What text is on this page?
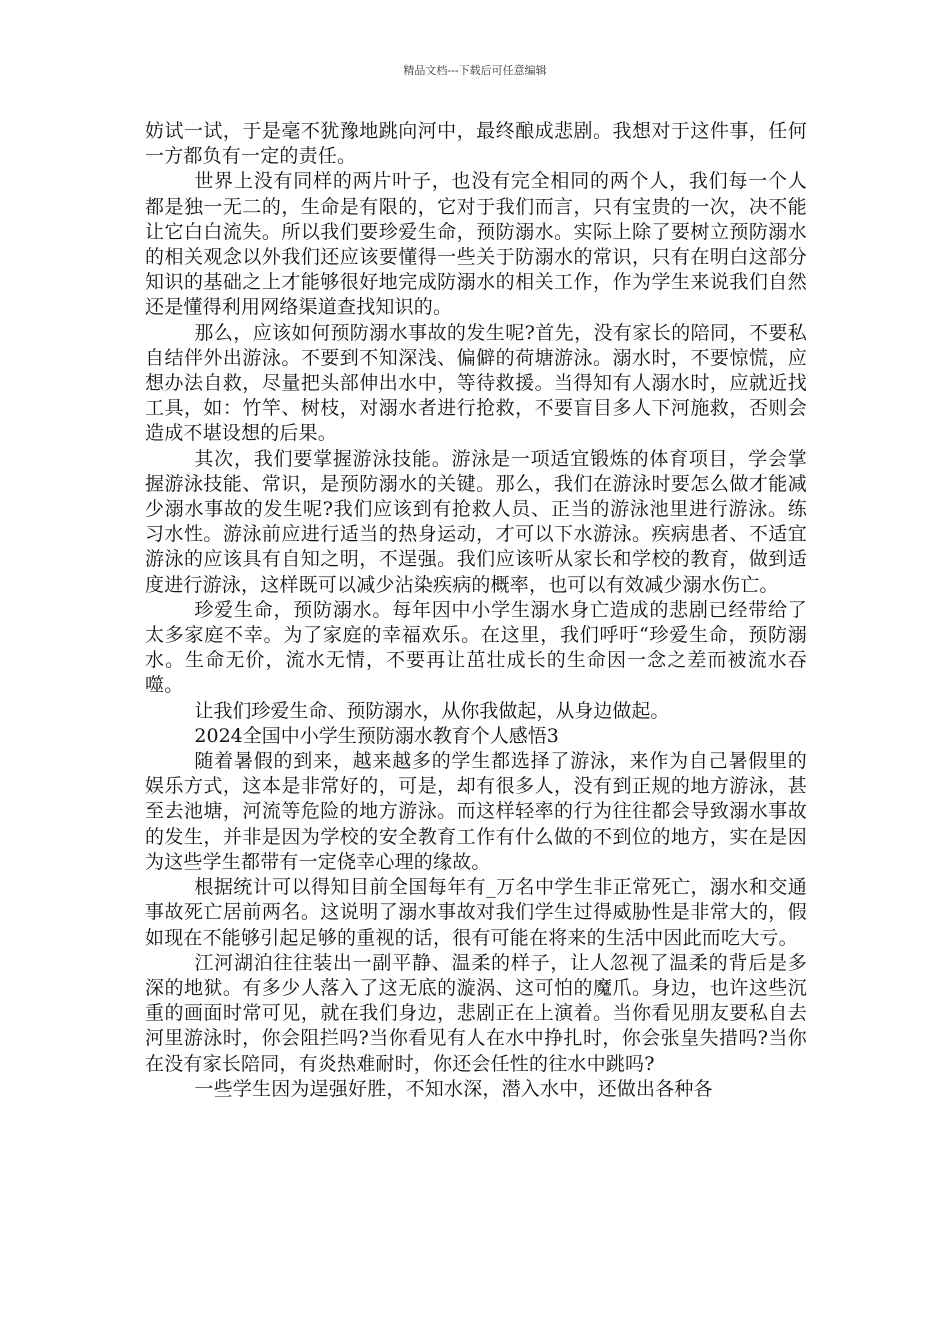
精品文档---下载后可任意编辑

妨试一试，于是毫不犹豫地跳向河中，最终酿成悲剧。我想对于这件事，任何一方都负有一定的责任。

世界上没有同样的两片叶子，也没有完全相同的两个人，我们每一个人都是独一无二的，生命是有限的，它对于我们而言，只有宝贵的一次，决不能让它白白流失。所以我们要珍爱生命，预防溺水。实际上除了要树立预防溺水的相关观念以外我们还应该要懂得一些关于防溺水的常识，只有在明白这部分知识的基础之上才能够很好地完成防溺水的相关工作，作为学生来说我们自然还是懂得利用网络渠道查找知识的。

那么，应该如何预防溺水事故的发生呢?首先，没有家长的陪同，不要私自结伴外出游泳。不要到不知深浅、偏僻的荷塘游泳。溺水时，不要惊慌，应想办法自救，尽量把头部伸出水中，等待救援。当得知有人溺水时，应就近找工具，如：竹竿、树枝，对溺水者进行抢救，不要盲目多人下河施救，否则会造成不堪设想的后果。

其次，我们要掌握游泳技能。游泳是一项适宜锻炼的体育项目，学会掌握游泳技能、常识，是预防溺水的关键。那么，我们在游泳时要怎么做才能减少溺水事故的发生呢?我们应该到有抢救人员、正当的游泳池里进行游泳。练习水性。游泳前应进行适当的热身运动，才可以下水游泳。疾病患者、不适宜游泳的应该具有自知之明，不逞强。我们应该听从家长和学校的教育，做到适度进行游泳，这样既可以减少沾染疾病的概率，也可以有效减少溺水伤亡。

珍爱生命，预防溺水。每年因中小学生溺水身亡造成的悲剧已经带给了太多家庭不幸。为了家庭的幸福欢乐。在这里，我们呼吁“珍爱生命，预防溺水。生命无价，流水无情，不要再让茁壮成长的生命因一念之差而被流水吞噬。

让我们珍爱生命、预防溺水，从你我做起，从身边做起。

2024全国中小学生预防溺水教育个人感悟3

随着暑假的到来，越来越多的学生都选择了游泳，来作为自己暑假里的娱乐方式，这本是非常好的，可是，却有很多人，没有到正规的地方游泳，甚至去池塘，河流等危险的地方游泳。而这样轻率的行为往往都会导致溺水事故的发生，并非是因为学校的安全教育工作有什么做的不到位的地方，实在是因为这些学生都带有一定侥幸心理的缘故。

根据统计可以得知目前全国每年有_万名中学生非正常死亡，溺水和交通事故死亡居前两名。这说明了溺水事故对我们学生过得威胁性是非常大的，假如现在不能够引起足够的重视的话，很有可能在将来的生活中因此而吃大亏。

江河湖泊往往装出一副平静、温柔的样子，让人忽视了温柔的背后是多深的地狱。有多少人落入了这无底的漩涡、这可怕的魔爪。身边，也许这些沉重的画面时常可见，就在我们身边，悲剧正在上演着。当你看见朋友要私自去河里游泳时，你会阻拦吗?当你看见有人在水中挣扎时，你会张皇失措吗?当你在没有家长陪同，有炎热难耐时，你还会任性的往水中跳吗?

一些学生因为逞强好胜，不知水深，潜入水中，还做出各种各
